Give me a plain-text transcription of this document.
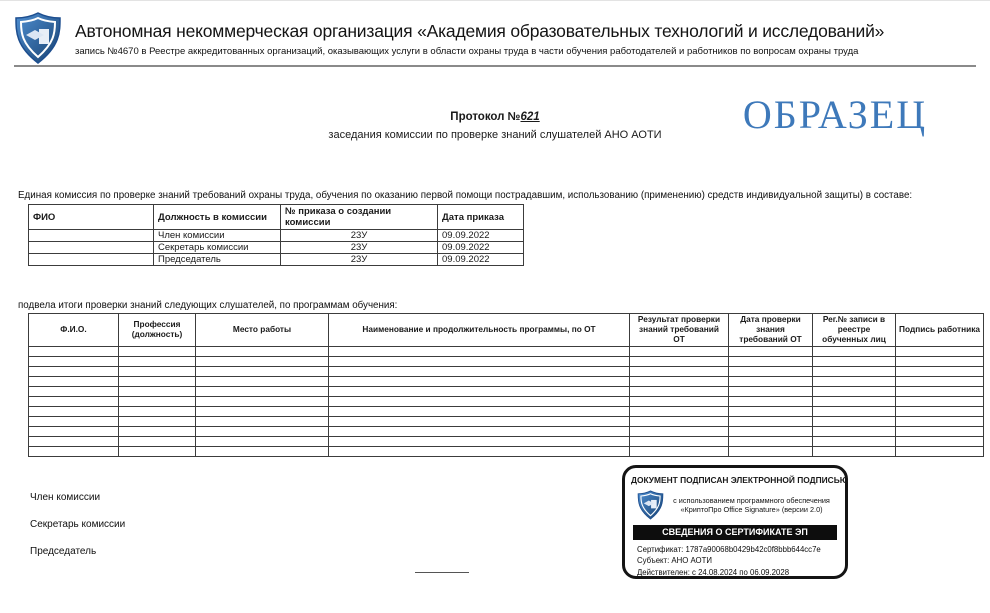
Автономная некоммерческая организация «Академия образовательных технологий и исследований»
запись №4670 в Реестре аккредитованных организаций, оказывающих услуги в области охраны труда в части обучения работодателей и работников по вопросам охраны труда
ОБРАЗЕЦ
Протокол №621
заседания комиссии по проверке знаний слушателей АНО АОТИ
Единая комиссия по проверке знаний требований охраны труда, обучения по оказанию первой помощи пострадавшим, использованию (применению) средств индивидуальной защиты) в составе:
ФИО	Должность в комиссии	№ приказа о создании комиссии	Дата приказа
	Член комиссии	23У	09.09.2022
	Секретарь комиссии	23У	09.09.2022
	Председатель	23У	09.09.2022
подвела итоги проверки знаний следующих слушателей, по программам обучения:
Ф.И.О.	Профессия (должность)	Место работы	Наименование и продолжительность программы, по ОТ	Результат проверки знаний требований ОТ	Дата проверки знания требований ОТ	Рег.№ записи в реестре обученных лиц	Подпись работника

Член комиссии
Секретарь комиссии
Председатель
ДОКУМЕНТ ПОДПИСАН ЭЛЕКТРОННОЙ ПОДПИСЬЮ
с использованием программного обеспечения
«КриптоПро Office Signature» (версии 2.0)
СВЕДЕНИЯ О СЕРТИФИКАТЕ ЭП
Сертификат: 1787a90068b0429b42c0f8bbb644cc7e
Субъект: АНО АОТИ
Действителен: с 24.08.2024 по 06.09.2028
